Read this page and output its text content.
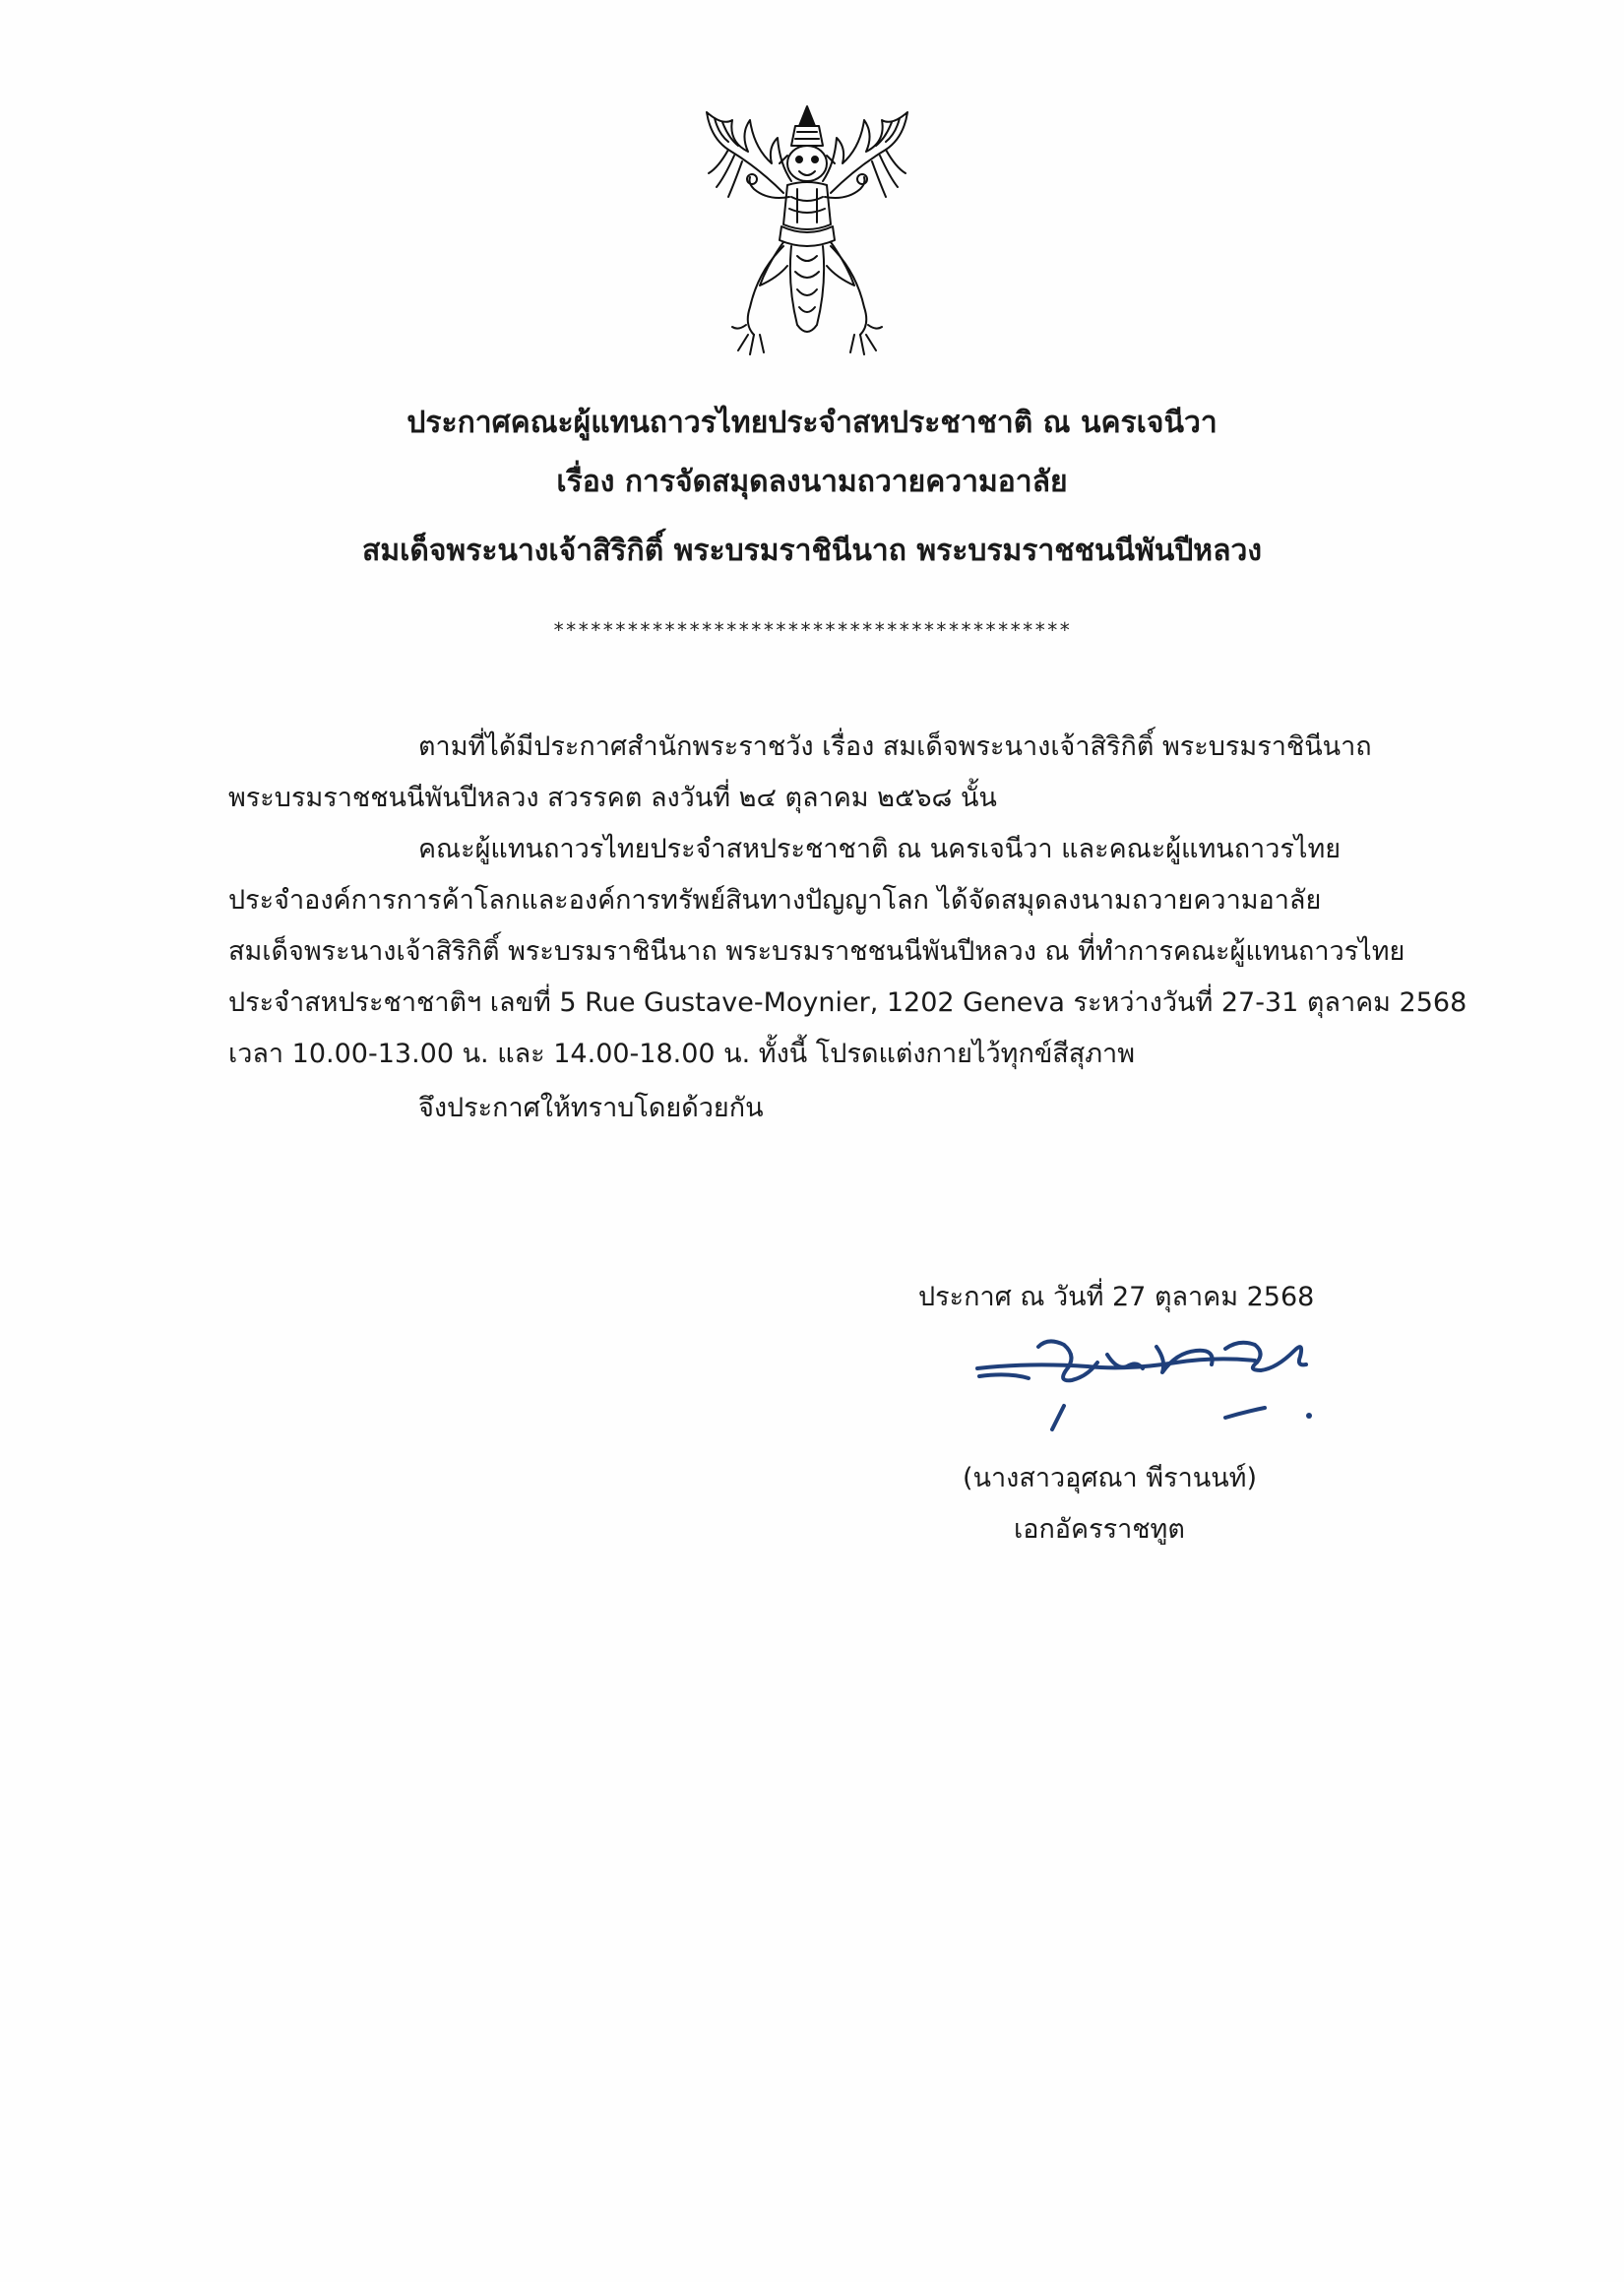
ประกาศคณะผู้แทนถาวรไทยประจำสหประชาชาติ ณ นครเจนีวา
เรื่อง การจัดสมุดลงนามถวายความอาลัย
สมเด็จพระนางเจ้าสิริกิติ์ พระบรมราชินีนาถ พระบรมราชชนนีพันปีหลวง
******************************************
ตามที่ได้มีประกาศสำนักพระราชวัง เรื่อง สมเด็จพระนางเจ้าสิริกิติ์ พระบรมราชินีนาถ
พระบรมราชชนนีพันปีหลวง สวรรคต ลงวันที่ ๒๔ ตุลาคม ๒๕๖๘ นั้น
คณะผู้แทนถาวรไทยประจำสหประชาชาติ ณ นครเจนีวา และคณะผู้แทนถาวรไทย
ประจำองค์การการค้าโลกและองค์การทรัพย์สินทางปัญญาโลก ได้จัดสมุดลงนามถวายความอาลัย
สมเด็จพระนางเจ้าสิริกิติ์ พระบรมราชินีนาถ พระบรมราชชนนีพันปีหลวง ณ ที่ทำการคณะผู้แทนถาวรไทย
ประจำสหประชาชาติฯ เลขที่ 5 Rue Gustave-Moynier, 1202 Geneva ระหว่างวันที่ 27-31 ตุลาคม 2568
เวลา 10.00-13.00 น. และ 14.00-18.00 น. ทั้งนี้ โปรดแต่งกายไว้ทุกข์สีสุภาพ
จึงประกาศให้ทราบโดยด้วยกัน
ประกาศ ณ วันที่ 27 ตุลาคม 2568
(นางสาวอุศณา พีรานนท์)
เอกอัครราชทูต
